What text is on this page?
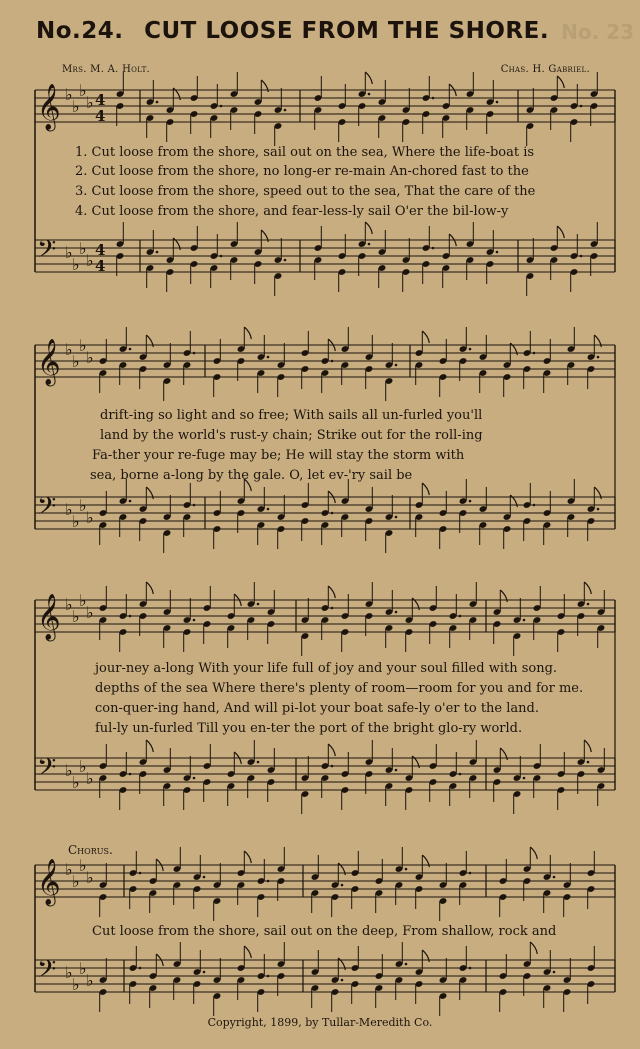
No.24. CUT LOOSE FROM THE SHORE. No. 23
Mrs. M. A. Holt.	Chas. H. Gabriel.
𝄞 ♭
♭
♭
♭ 4
4
𝄢 ♭
♭
♭
♭
4
4
𝄞 ♭
♭
♭
♭
𝄢 ♭
♭
♭
♭
𝄞 ♭
♭
♭
♭
𝄢 ♭
♭
♭
♭
𝄞 ♭
♭
♭
♭
𝄢 ♭
♭
♭
♭
1. Cut loose from the shore, sail out on the sea, Where the life-boat is
2. Cut loose from the shore, no long-er re-main An-chored fast to the
3. Cut loose from the shore, speed out to the sea, That the care of the
4. Cut loose from the shore, and fear-less-ly sail O'er the bil-low-y
drift-ing so light and so free; With sails all un-furled you'll
land by the world's rust-y chain; Strike out for the roll-ing
Fa-ther your re-fuge may be; He will stay the storm with
sea, borne a-long by the gale. O, let ev-'ry sail be
jour-ney a-long With your life full of joy and your soul filled with song.
depths of the sea Where there's plenty of room—room for you and for me.
con-quer-ing hand, And will pi-lot your boat safe-ly o'er to the land.
ful-ly un-furled Till you en-ter the port of the bright glo-ry world.
Chorus.
Cut loose from the shore, sail out on the deep, From shallow, rock and
Copyright, 1899, by Tullar-Meredith Co.
